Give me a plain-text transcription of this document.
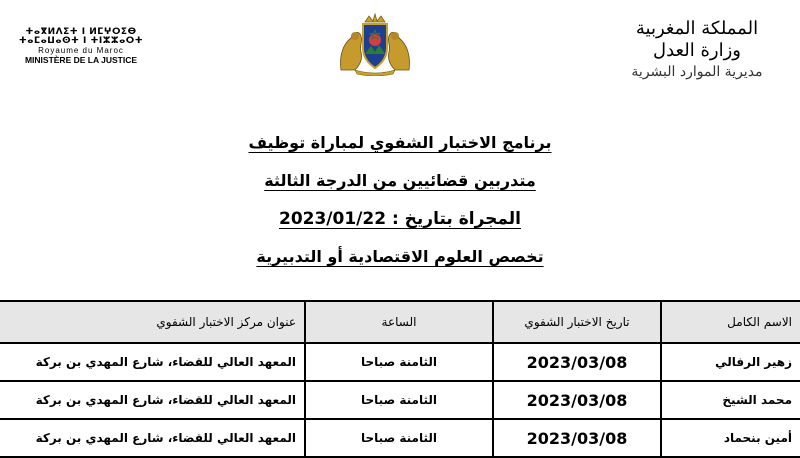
ⵜⴰⴳⵍⴷⵉⵜ ⵏ ⵍⵎⵖⵔⵉⴱ
ⵜⴰⵎⴰⵡⴰⵙⵜ ⵏ ⵜⵏⵣⵣⴰⵔⵜ
Royaume du Maroc
MINISTÈRE DE LA JUSTICE
المملكة المغربية
وزارة العدل
مديرية الموارد البشرية
برنامج الاختبار الشفوي لمباراة توظيف
متدربين قضائيين من الدرجة الثالثة
المجراة بتاريخ : 2023/01/22
تخصص العلوم الاقتصادية أو التدبيرية
الاسم الكامل	تاريخ الاختبار الشفوي	الساعة	عنوان مركز الاختبار الشفوي
زهير الرفالي	2023/03/08	الثامنة صباحا	المعهد العالي للقضاء، شارع المهدي بن بركة
محمد الشيخ	2023/03/08	الثامنة صباحا	المعهد العالي للقضاء، شارع المهدي بن بركة
أمين بنحماد	2023/03/08	الثامنة صباحا	المعهد العالي للقضاء، شارع المهدي بن بركة
